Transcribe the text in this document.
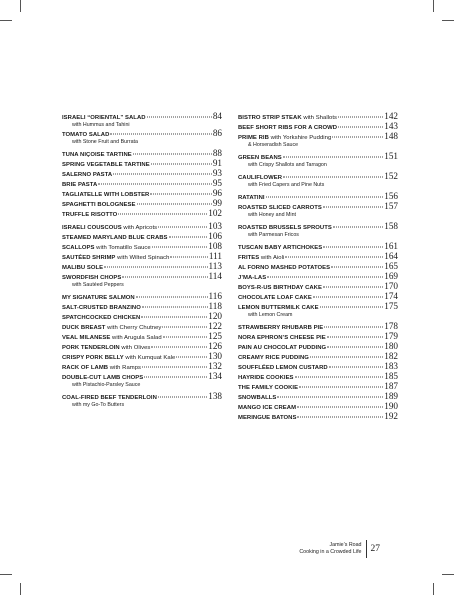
ISRAELI “ORIENTAL” SALAD	84
with Hummus and Tahini
TOMATO SALAD	86
with Stone Fruit and Burrata
TUNA NIÇOISE TARTINE	88
SPRING VEGETABLE TARTINE	91
SALERNO PASTA	93
BRIE PASTA	95
TAGLIATELLE WITH LOBSTER	96
SPAGHETTI BOLOGNESE	99
TRUFFLE RISOTTO	102
ISRAELI COUSCOUS with Apricots	103
STEAMED MARYLAND BLUE CRABS	106
SCALLOPS with Tomatillo Sauce	108
SAUTÉED SHRIMP with Wilted Spinach	111
MALIBU SOLE	113
SWORDFISH CHOPS	114
with Sautéed Peppers
MY SIGNATURE SALMON	116
SALT-CRUSTED BRANZINO	118
SPATCHCOCKED CHICKEN	120
DUCK BREAST with Cherry Chutney	122
VEAL MILANESE with Arugula Salad	125
PORK TENDERLOIN with Olives	126
CRISPY PORK BELLY with Kumquat Kale	130
RACK OF LAMB with Ramps	132
DOUBLE-CUT LAMB CHOPS	134
with Pistachio-Parsley Sauce
COAL-FIRED BEEF TENDERLOIN	138
with my Go-To Butters
BISTRO STRIP STEAK with Shallots	142
BEEF SHORT RIBS FOR A CROWD	143
PRIME RIB with Yorkshire Pudding	148
& Horseradish Sauce
GREEN BEANS	151
with Crispy Shallots and Tarragon
CAULIFLOWER	152
with Fried Capers and Pine Nuts
RATATINI	156
ROASTED SLICED CARROTS	157
with Honey and Mint
ROASTED BRUSSELS SPROUTS	158
with Parmesan Fricos
TUSCAN BABY ARTICHOKES	161
FRITES with Aioli	164
AL FORNO MASHED POTATOES	165
J’MA-LAS	169
BOYS-R-US BIRTHDAY CAKE	170
CHOCOLATE LOAF CAKE	174
LEMON BUTTERMILK CAKE	175
with Lemon Cream
STRAWBERRY RHUBARB PIE	178
NORA EPHRON’S CHEESE PIE	179
PAIN AU CHOCOLAT PUDDING	180
CREAMY RICE PUDDING	182
SOUFFLÉED LEMON CUSTARD	183
HAYRIDE COOKIES	185
THE FAMILY COOKIE	187
SNOWBALLS	189
MANGO ICE CREAM	190
MERINGUE BATONS	192
Jamie’s Road
Cooking in a Crowded Life 27
